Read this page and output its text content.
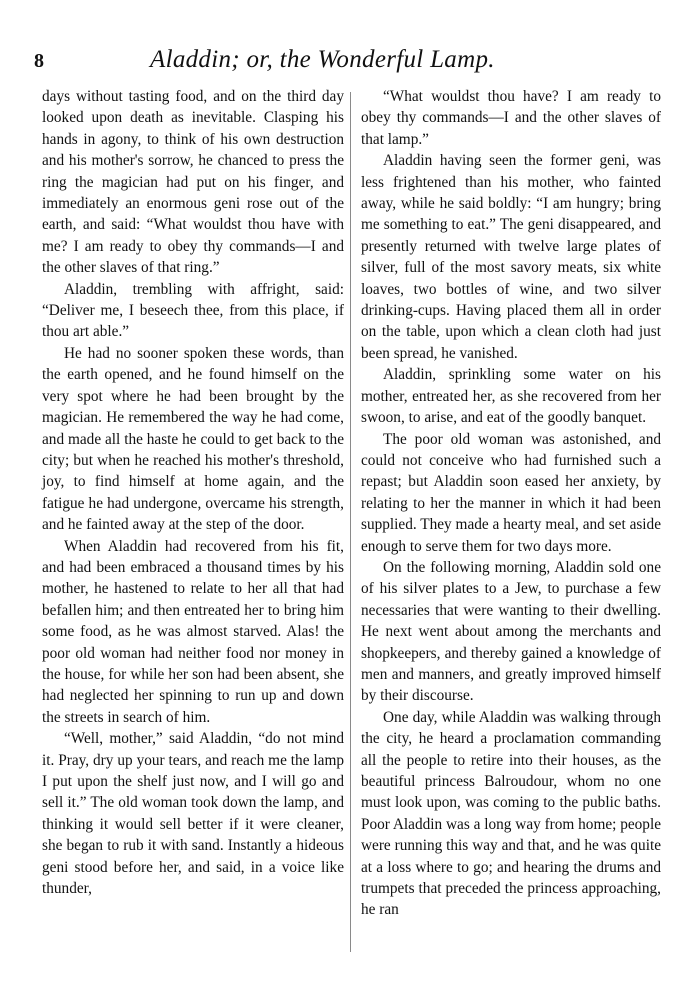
8	Aladdin; or, the Wonderful Lamp.

days without tasting food, and on the third day looked upon death as inevitable. Clasping his hands in agony, to think of his own destruction and his mother's sorrow, he chanced to press the ring the magician had put on his finger, and immediately an enormous geni rose out of the earth, and said: “What wouldst thou have with me? I am ready to obey thy commands—I and the other slaves of that ring.”

Aladdin, trembling with affright, said: “Deliver me, I beseech thee, from this place, if thou art able.”

He had no sooner spoken these words, than the earth opened, and he found himself on the very spot where he had been brought by the magician. He remembered the way he had come, and made all the haste he could to get back to the city; but when he reached his mother's threshold, joy, to find himself at home again, and the fatigue he had undergone, overcame his strength, and he fainted away at the step of the door.

When Aladdin had recovered from his fit, and had been embraced a thousand times by his mother, he hastened to relate to her all that had befallen him; and then entreated her to bring him some food, as he was almost starved. Alas! the poor old woman had neither food nor money in the house, for while her son had been absent, she had neglected her spinning to run up and down the streets in search of him.

“Well, mother,” said Aladdin, “do not mind it. Pray, dry up your tears, and reach me the lamp I put upon the shelf just now, and I will go and sell it.” The old woman took down the lamp, and thinking it would sell better if it were cleaner, she began to rub it with sand. Instantly a hideous geni stood before her, and said, in a voice like thunder,

“What wouldst thou have? I am ready to obey thy commands—I and the other slaves of that lamp.”

Aladdin having seen the former geni, was less frightened than his mother, who fainted away, while he said boldly: “I am hungry; bring me something to eat.” The geni disappeared, and presently returned with twelve large plates of silver, full of the most savory meats, six white loaves, two bottles of wine, and two silver drinking-cups. Having placed them all in order on the table, upon which a clean cloth had just been spread, he vanished.

Aladdin, sprinkling some water on his mother, entreated her, as she recovered from her swoon, to arise, and eat of the goodly banquet.

The poor old woman was astonished, and could not conceive who had furnished such a repast; but Aladdin soon eased her anxiety, by relating to her the manner in which it had been supplied. They made a hearty meal, and set aside enough to serve them for two days more.

On the following morning, Aladdin sold one of his silver plates to a Jew, to purchase a few necessaries that were wanting to their dwelling. He next went about among the merchants and shopkeepers, and thereby gained a knowledge of men and manners, and greatly improved himself by their discourse.

One day, while Aladdin was walking through the city, he heard a proclamation commanding all the people to retire into their houses, as the beautiful princess Balroudour, whom no one must look upon, was coming to the public baths. Poor Aladdin was a long way from home; people were running this way and that, and he was quite at a loss where to go; and hearing the drums and trumpets that preceded the princess approaching, he ran
